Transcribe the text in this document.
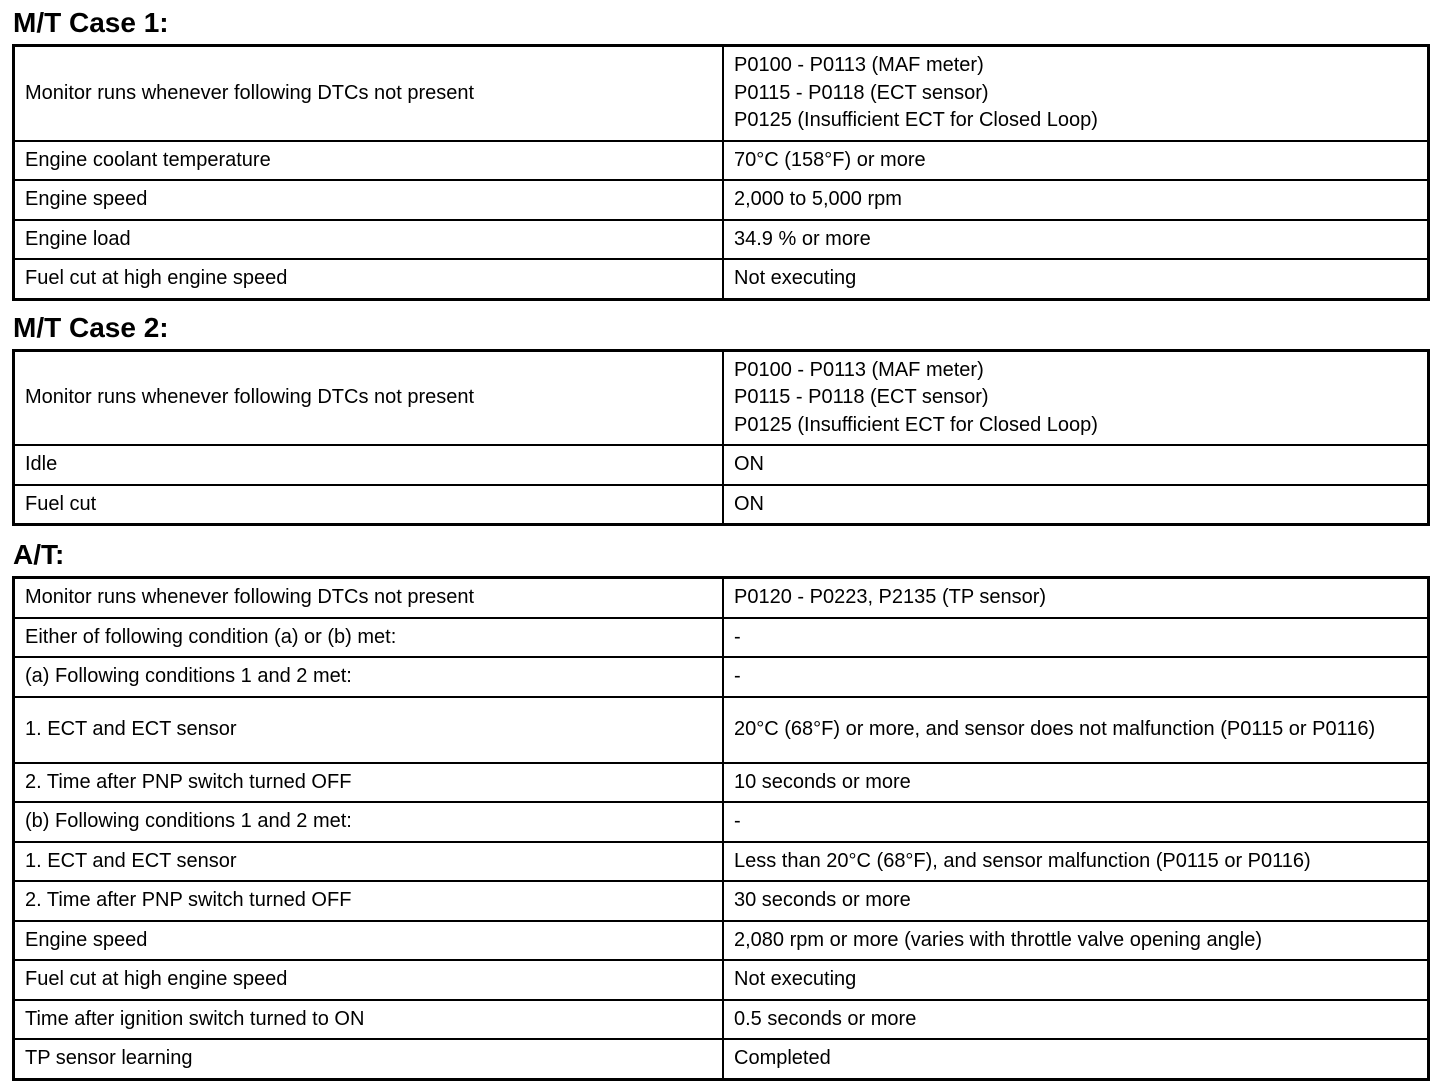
M/T Case 1:
Monitor runs whenever following DTCs not present	P0100 - P0113 (MAF meter)
P0115 - P0118 (ECT sensor)
P0125 (Insufficient ECT for Closed Loop)
Engine coolant temperature	70°C (158°F) or more
Engine speed	2,000 to 5,000 rpm
Engine load	34.9 % or more
Fuel cut at high engine speed	Not executing
M/T Case 2:
Monitor runs whenever following DTCs not present	P0100 - P0113 (MAF meter)
P0115 - P0118 (ECT sensor)
P0125 (Insufficient ECT for Closed Loop)
Idle	ON
Fuel cut	ON
A/T:
Monitor runs whenever following DTCs not present	P0120 - P0223, P2135 (TP sensor)
Either of following condition (a) or (b) met:	-
(a) Following conditions 1 and 2 met:	-
1. ECT and ECT sensor	20°C (68°F) or more, and sensor does not malfunction (P0115 or P0116)
2. Time after PNP switch turned OFF	10 seconds or more
(b) Following conditions 1 and 2 met:	-
1. ECT and ECT sensor	Less than 20°C (68°F), and sensor malfunction (P0115 or P0116)
2. Time after PNP switch turned OFF	30 seconds or more
Engine speed	2,080 rpm or more (varies with throttle valve opening angle)
Fuel cut at high engine speed	Not executing
Time after ignition switch turned to ON	0.5 seconds or more
TP sensor learning	Completed
